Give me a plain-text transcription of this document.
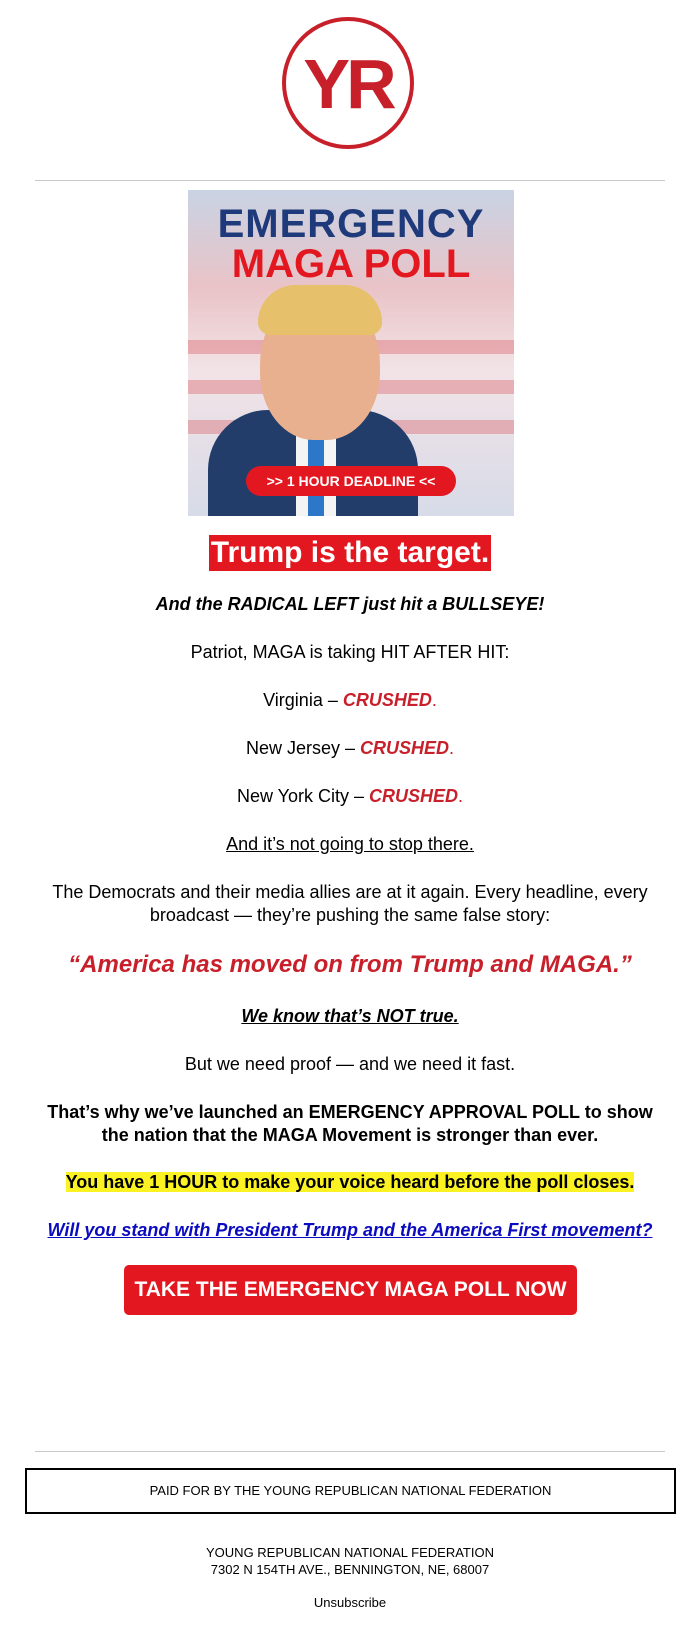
YR
EMERGENCY
MAGA POLL
>> 1 HOUR DEADLINE <<
Trump is the target.
And the RADICAL LEFT just hit a BULLSEYE!
Patriot, MAGA is taking HIT AFTER HIT:
Virginia – CRUSHED.
New Jersey – CRUSHED.
New York City – CRUSHED.
And it’s not going to stop there.
The Democrats and their media allies are at it again. Every headline, every
broadcast — they’re pushing the same false story:
“America has moved on from Trump and MAGA.”
We know that’s NOT true.
But we need proof — and we need it fast.
That’s why we’ve launched an EMERGENCY APPROVAL POLL to show
the nation that the MAGA Movement is stronger than ever.
You have 1 HOUR to make your voice heard before the poll closes.
Will you stand with President Trump and the America First movement?
TAKE THE EMERGENCY MAGA POLL NOW
PAID FOR BY THE YOUNG REPUBLICAN NATIONAL FEDERATION
YOUNG REPUBLICAN NATIONAL FEDERATION
7302 N 154TH AVE., BENNINGTON, NE, 68007
Unsubscribe
